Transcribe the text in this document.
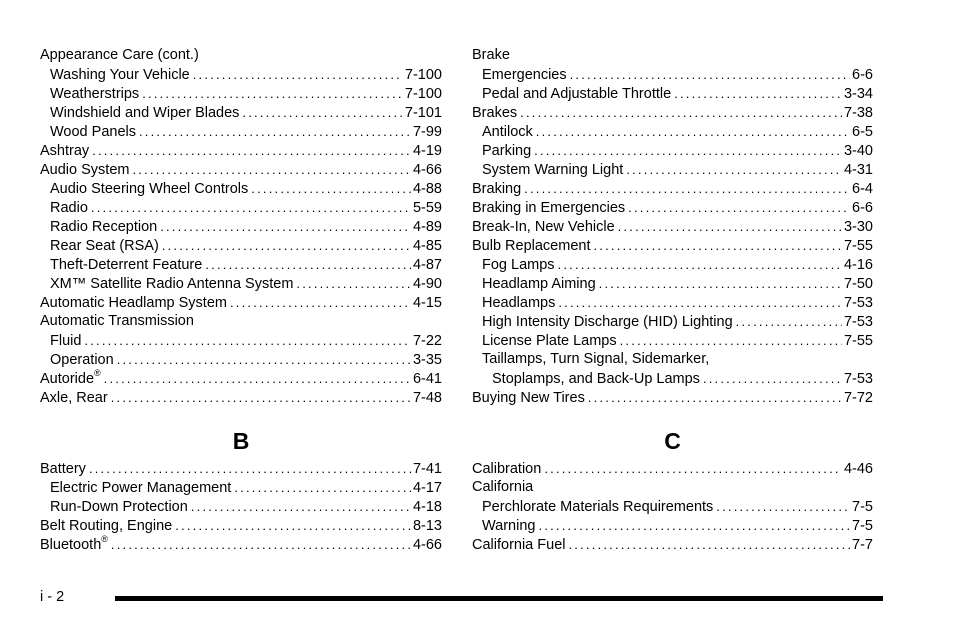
Appearance Care (cont.)
Washing Your Vehicle .....	7-100
Weatherstrips .....	7-100
Windshield and Wiper Blades .....	7-101
Wood Panels .....	7-99
Ashtray .....	4-19
Audio System .....	4-66
Audio Steering Wheel Controls .....	4-88
Radio .....	5-59
Radio Reception .....	4-89
Rear Seat (RSA) .....	4-85
Theft-Deterrent Feature .....	4-87
XM™ Satellite Radio Antenna System .....	4-90
Automatic Headlamp System .....	4-15
Automatic Transmission
Fluid .....	7-22
Operation .....	3-35
Autoride® .....	6-41
Axle, Rear .....	7-48
B
Battery .....	7-41
Electric Power Management .....	4-17
Run-Down Protection .....	4-18
Belt Routing, Engine .....	8-13
Bluetooth® .....	4-66
Brake
Emergencies .....	6-6
Pedal and Adjustable Throttle .....	3-34
Brakes .....	7-38
Antilock .....	6-5
Parking .....	3-40
System Warning Light .....	4-31
Braking .....	6-4
Braking in Emergencies .....	6-6
Break-In, New Vehicle .....	3-30
Bulb Replacement .....	7-55
Fog Lamps .....	4-16
Headlamp Aiming .....	7-50
Headlamps .....	7-53
High Intensity Discharge (HID) Lighting .....	7-53
License Plate Lamps .....	7-55
Taillamps, Turn Signal, Sidemarker,
Stoplamps, and Back-Up Lamps .....	7-53
Buying New Tires .....	7-72
C
Calibration .....	4-46
California
Perchlorate Materials Requirements .....	7-5
Warning .....	7-5
California Fuel .....	7-7
i - 2
